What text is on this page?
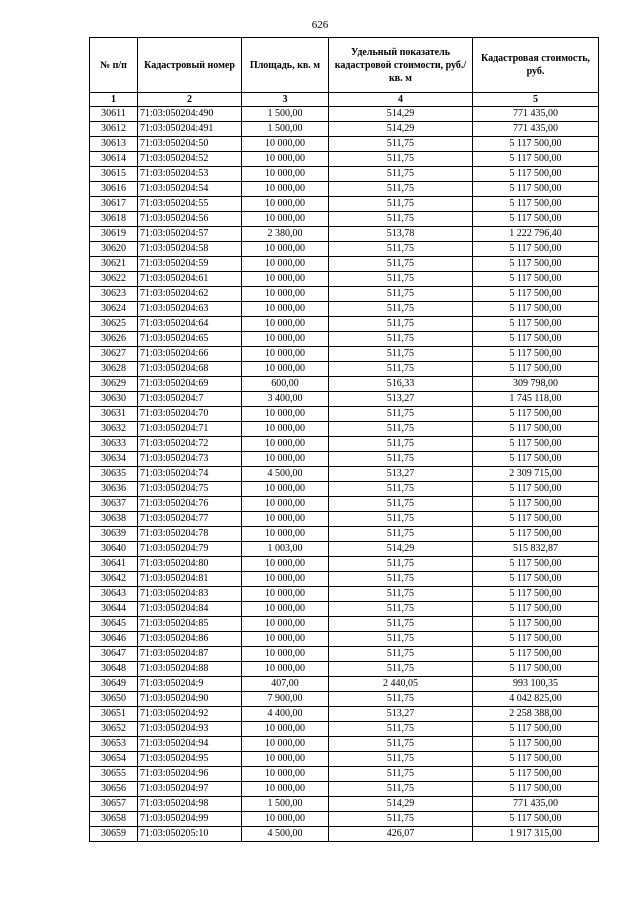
626
№ п/п	Кадастровый номер	Площадь, кв. м	Удельный показатель кадастровой стоимости, руб./кв. м	Кадастровая стоимость, руб.
1	2	3	4	5
30611	71:03:050204:490	1 500,00	514,29	771 435,00
30612	71:03:050204:491	1 500,00	514,29	771 435,00
30613	71:03:050204:50	10 000,00	511,75	5 117 500,00
30614	71:03:050204:52	10 000,00	511,75	5 117 500,00
30615	71:03:050204:53	10 000,00	511,75	5 117 500,00
30616	71:03:050204:54	10 000,00	511,75	5 117 500,00
30617	71:03:050204:55	10 000,00	511,75	5 117 500,00
30618	71:03:050204:56	10 000,00	511,75	5 117 500,00
30619	71:03:050204:57	2 380,00	513,78	1 222 796,40
30620	71:03:050204:58	10 000,00	511,75	5 117 500,00
30621	71:03:050204:59	10 000,00	511,75	5 117 500,00
30622	71:03:050204:61	10 000,00	511,75	5 117 500,00
30623	71:03:050204:62	10 000,00	511,75	5 117 500,00
30624	71:03:050204:63	10 000,00	511,75	5 117 500,00
30625	71:03:050204:64	10 000,00	511,75	5 117 500,00
30626	71:03:050204:65	10 000,00	511,75	5 117 500,00
30627	71:03:050204:66	10 000,00	511,75	5 117 500,00
30628	71:03:050204:68	10 000,00	511,75	5 117 500,00
30629	71:03:050204:69	600,00	516,33	309 798,00
30630	71:03:050204:7	3 400,00	513,27	1 745 118,00
30631	71:03:050204:70	10 000,00	511,75	5 117 500,00
30632	71:03:050204:71	10 000,00	511,75	5 117 500,00
30633	71:03:050204:72	10 000,00	511,75	5 117 500,00
30634	71:03:050204:73	10 000,00	511,75	5 117 500,00
30635	71:03:050204:74	4 500,00	513,27	2 309 715,00
30636	71:03:050204:75	10 000,00	511,75	5 117 500,00
30637	71:03:050204:76	10 000,00	511,75	5 117 500,00
30638	71:03:050204:77	10 000,00	511,75	5 117 500,00
30639	71:03:050204:78	10 000,00	511,75	5 117 500,00
30640	71:03:050204:79	1 003,00	514,29	515 832,87
30641	71:03:050204:80	10 000,00	511,75	5 117 500,00
30642	71:03:050204:81	10 000,00	511,75	5 117 500,00
30643	71:03:050204:83	10 000,00	511,75	5 117 500,00
30644	71:03:050204:84	10 000,00	511,75	5 117 500,00
30645	71:03:050204:85	10 000,00	511,75	5 117 500,00
30646	71:03:050204:86	10 000,00	511,75	5 117 500,00
30647	71:03:050204:87	10 000,00	511,75	5 117 500,00
30648	71:03:050204:88	10 000,00	511,75	5 117 500,00
30649	71:03:050204:9	407,00	2 440,05	993 100,35
30650	71:03:050204:90	7 900,00	511,75	4 042 825,00
30651	71:03:050204:92	4 400,00	513,27	2 258 388,00
30652	71:03:050204:93	10 000,00	511,75	5 117 500,00
30653	71:03:050204:94	10 000,00	511,75	5 117 500,00
30654	71:03:050204:95	10 000,00	511,75	5 117 500,00
30655	71:03:050204:96	10 000,00	511,75	5 117 500,00
30656	71:03:050204:97	10 000,00	511,75	5 117 500,00
30657	71:03:050204:98	1 500,00	514,29	771 435,00
30658	71:03:050204:99	10 000,00	511,75	5 117 500,00
30659	71:03:050205:10	4 500,00	426,07	1 917 315,00
